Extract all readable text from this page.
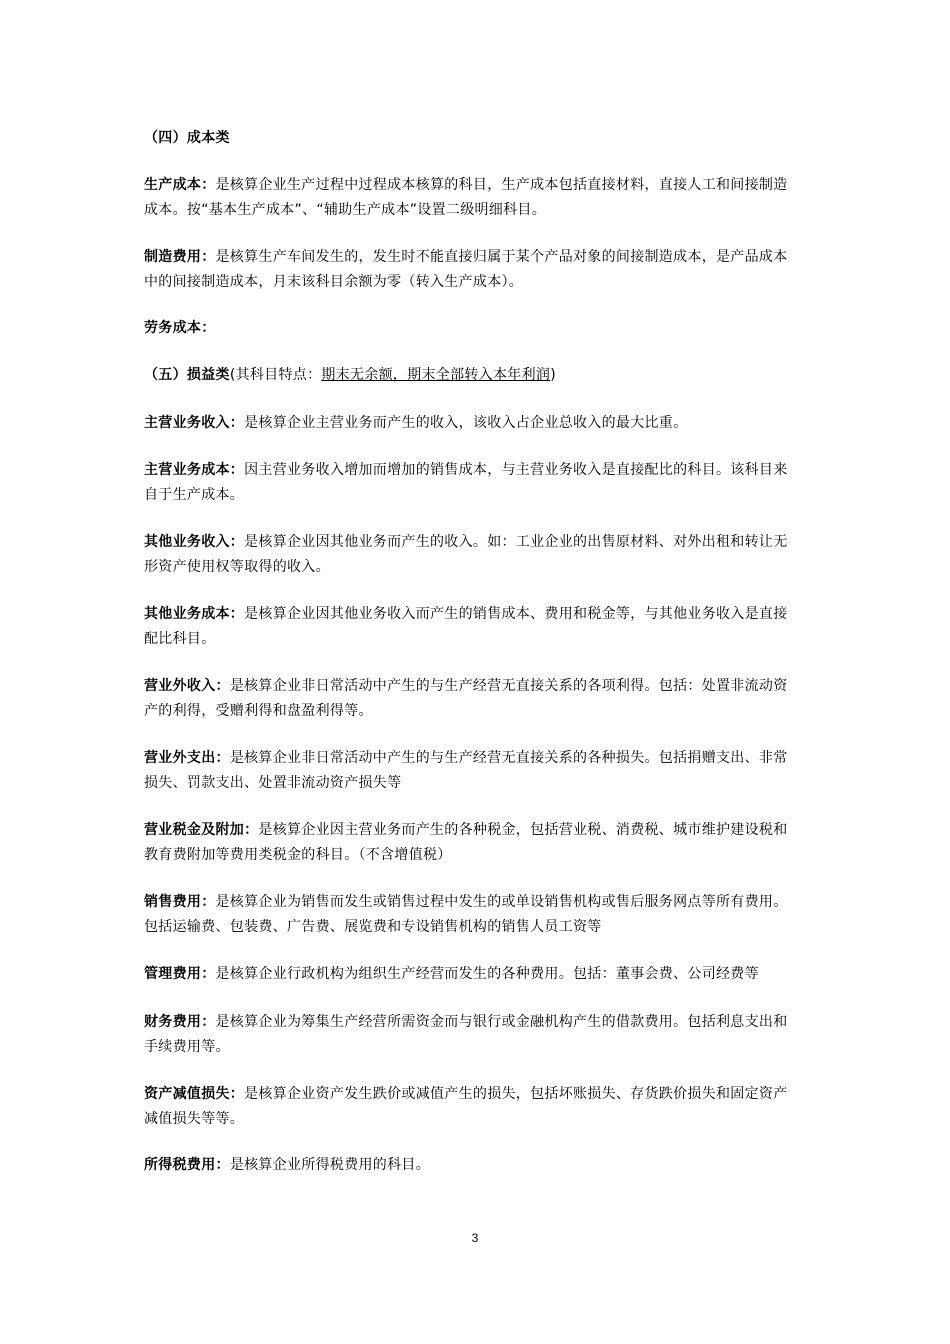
（四）成本类
生产成本：是核算企业生产过程中过程成本核算的科目，生产成本包括直接材料，直接人工和间接制造成本。按“基本生产成本”、“辅助生产成本”设置二级明细科目。
制造费用：是核算生产车间发生的，发生时不能直接归属于某个产品对象的间接制造成本，是产品成本中的间接制造成本，月末该科目余额为零（转入生产成本）。
劳务成本：
（五）损益类(其科目特点：期末无余额，期末全部转入本年利润)
主营业务收入：是核算企业主营业务而产生的收入，该收入占企业总收入的最大比重。
主营业务成本：因主营业务收入增加而增加的销售成本，与主营业务收入是直接配比的科目。该科目来自于生产成本。
其他业务收入：是核算企业因其他业务而产生的收入。如：工业企业的出售原材料、对外出租和转让无形资产使用权等取得的收入。
其他业务成本：是核算企业因其他业务收入而产生的销售成本、费用和税金等，与其他业务收入是直接配比科目。
营业外收入：是核算企业非日常活动中产生的与生产经营无直接关系的各项利得。包括：处置非流动资产的利得，受赠利得和盘盈利得等。
营业外支出：是核算企业非日常活动中产生的与生产经营无直接关系的各种损失。包括捐赠支出、非常损失、罚款支出、处置非流动资产损失等
营业税金及附加：是核算企业因主营业务而产生的各种税金，包括营业税、消费税、城市维护建设税和教育费附加等费用类税金的科目。（不含增值税）
销售费用：是核算企业为销售而发生或销售过程中发生的或单设销售机构或售后服务网点等所有费用。包括运输费、包装费、广告费、展览费和专设销售机构的销售人员工资等
管理费用：是核算企业行政机构为组织生产经营而发生的各种费用。包括：董事会费、公司经费等
财务费用：是核算企业为筹集生产经营所需资金而与银行或金融机构产生的借款费用。包括利息支出和手续费用等。
资产减值损失：是核算企业资产发生跌价或减值产生的损失，包括坏账损失、存货跌价损失和固定资产减值损失等等。
所得税费用：是核算企业所得税费用的科目。
3
